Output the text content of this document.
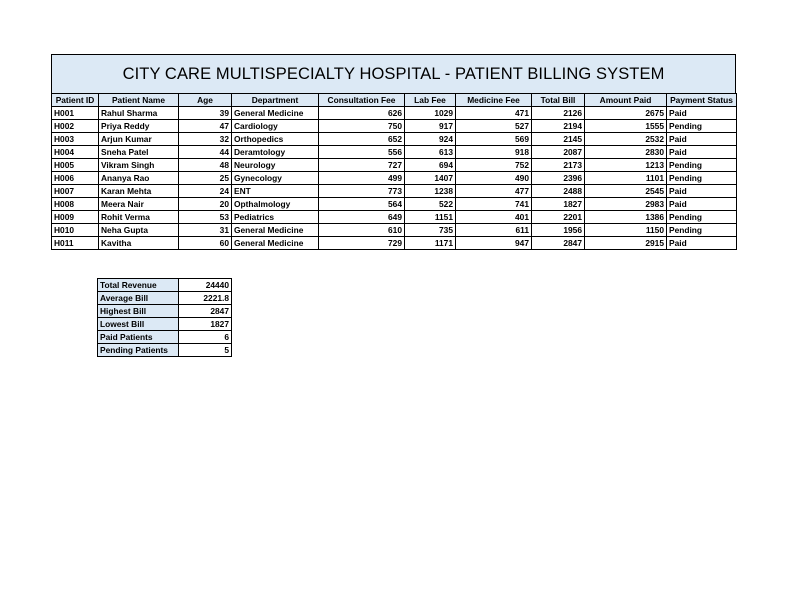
CITY CARE MULTISPECIALTY HOSPITAL - PATIENT BILLING SYSTEM
Patient ID	Patient Name	Age	Department	Consultation Fee	Lab Fee	Medicine Fee	Total Bill	Amount Paid	Payment Status
H001	Rahul Sharma	39	General Medicine	626	1029	471	2126	2675	Paid
H002	Priya Reddy	47	Cardiology	750	917	527	2194	1555	Pending
H003	Arjun Kumar	32	Orthopedics	652	924	569	2145	2532	Paid
H004	Sneha Patel	44	Deramtology	556	613	918	2087	2830	Paid
H005	Vikram Singh	48	Neurology	727	694	752	2173	1213	Pending
H006	Ananya Rao	25	Gynecology	499	1407	490	2396	1101	Pending
H007	Karan Mehta	24	ENT	773	1238	477	2488	2545	Paid
H008	Meera Nair	20	Opthalmology	564	522	741	1827	2983	Paid
H009	Rohit Verma	53	Pediatrics	649	1151	401	2201	1386	Pending
H010	Neha Gupta	31	General Medicine	610	735	611	1956	1150	Pending
H011	Kavitha	60	General Medicine	729	1171	947	2847	2915	Paid
Total Revenue	24440
Average Bill	2221.8
Highest Bill	2847
Lowest Bill	1827
Paid Patients	6
Pending Patients	5
